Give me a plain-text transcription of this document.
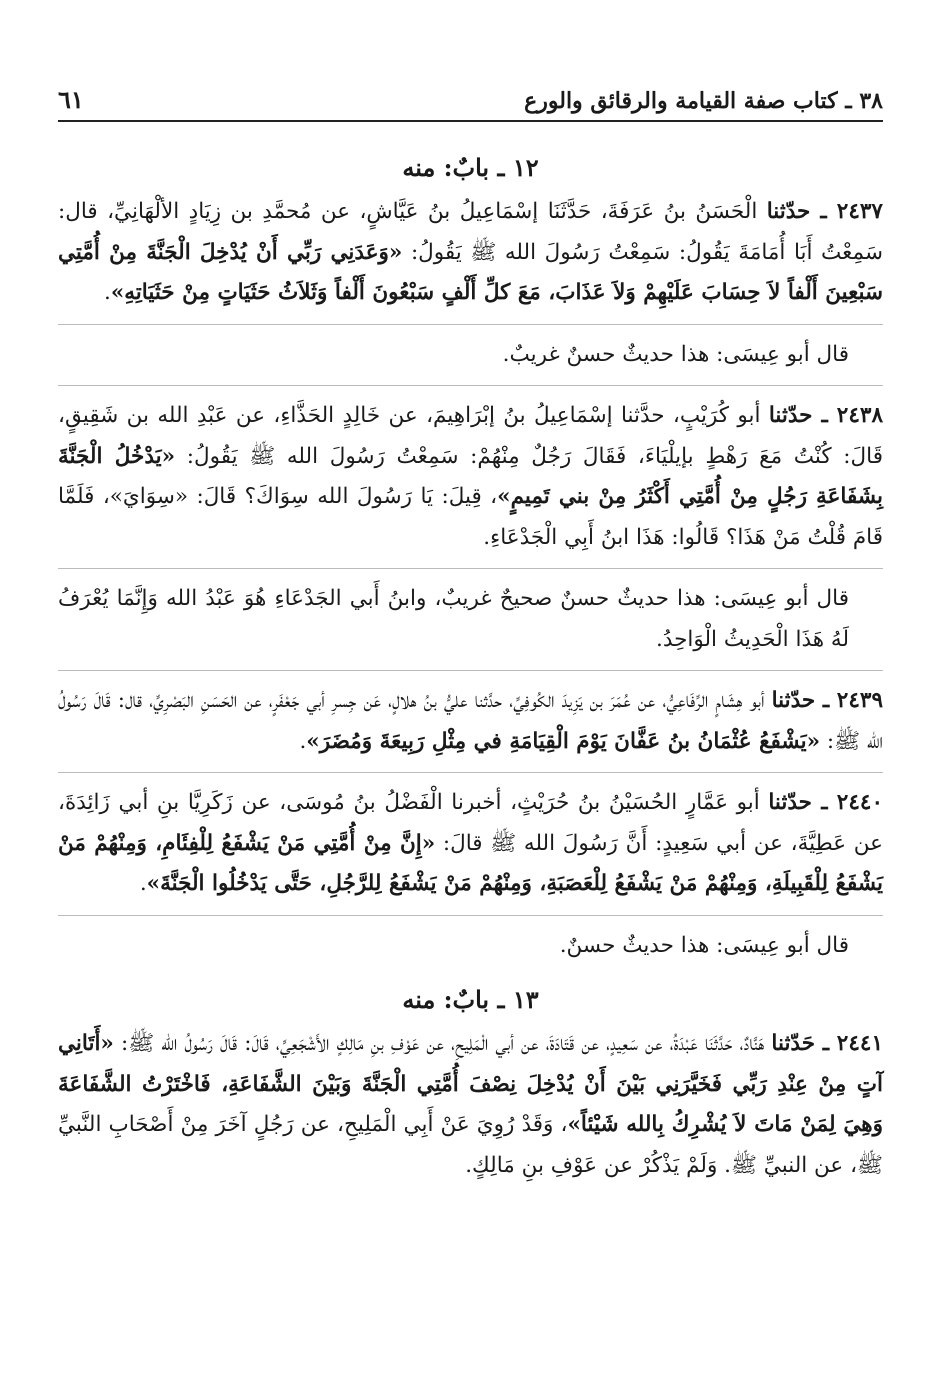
٣٨ ـ كتاب صفة القيامة والرقائق والورع
٦١
١٢ ـ بابٌ: منه

٢٤٣٧ ـ حدّثنا الْحَسَنُ بنُ عَرَفَةَ، حَدَّثَنَا إسْمَاعِيلُ بنُ عَيَّاشٍ، عن مُحمَّدِ بن زِيَادٍ الألْهَانِيِّ، قال: سَمِعْتُ أَبَا أُمَامَةَ يَقُولُ: سَمِعْتُ رَسُولَ الله ﷺ يَقُولُ: «وَعَدَنِي رَبِّي أَنْ يُدْخِلَ الْجَنَّةَ مِنْ أُمَّتِي سَبْعِينَ أَلْفاً لاَ حِسَابَ عَلَيْهِمْ وَلاَ عَذَابَ، مَعَ كلِّ أَلْفٍ سَبْعُونَ أَلْفاً وَثَلاَثُ حَثَيَاتٍ مِنْ حَثَيَاتِهِ».

قال أبو عِيسَى: هذا حديثٌ حسنٌ غريبٌ.

٢٤٣٨ ـ حدّثنا أبو كُرَيْبٍ، حدَّثنا إسْمَاعِيلُ بنُ إبْرَاهِيمَ، عن خَالِدٍ الحَذَّاءِ، عن عَبْدِ الله بن شَقِيقٍ، قَالَ: كُنْتُ مَعَ رَهْطٍ بإيلْيَاءَ، فَقَالَ رَجُلٌ مِنْهُمْ: سَمِعْتُ رَسُولَ الله ﷺ يَقُولُ: «يَدْخُلُ الْجَنَّةَ بِشَفَاعَةِ رَجُلٍ مِنْ أُمَّتِي أَكْثَرُ مِنْ بني تَمِيمٍ»، قِيلَ: يَا رَسُولَ الله سِوَاكَ؟ قَالَ: «سِوَايَ»، فَلَمَّا قَامَ قُلْتُ مَنْ هَذَا؟ قَالُوا: هَذَا ابنُ أَبِي الْجَدْعَاءِ.

قال أبو عِيسَى: هذا حديثٌ حسنٌ صحيحٌ غريبٌ، وابنُ أَبي الجَدْعَاءِ هُوَ عَبْدُ الله وَإِنَّمَا يُعْرَفُ لَهُ هَذَا الْحَدِيثُ الْوَاحِدُ.

٢٤٣٩ ـ حدّثنا أبو هِشَامٍ الرِّفَاعِيُّ، عن عُمَرَ بن يَزِيدَ الكُوفِيِّ، حدَّثنا عليُّ بنُ هلالٍ، عَن جِسرِ أبي جَعْفَرٍ، عن الحَسَنِ البَصْرِيِّ، قال: قَالَ رَسُولُ الله ﷺ: «يَشْفَعُ عُثْمَانُ بنُ عَفَّانَ يَوْمَ الْقِيَامَةِ في مِثْلِ رَبِيعَةَ وَمُضَرَ».

٢٤٤٠ ـ حدّثنا أبو عَمَّارٍ الحُسَيْنُ بنُ حُرَيْثٍ، أخبرنا الْفَضْلُ بنُ مُوسَى، عن زَكَرِيَّا بنِ أبي زَائِدَةَ، عن عَطِيَّةَ، عن أبي سَعِيدٍ: أَنَّ رَسُولَ الله ﷺ قالَ: «إِنَّ مِنْ أُمَّتِي مَنْ يَشْفَعُ لِلْفِئَامِ، وَمِنْهُمْ مَنْ يَشْفَعُ لِلْقَبِيلَةِ، وَمِنْهُمْ مَنْ يَشْفَعُ لِلْعَصَبَةِ، وَمِنْهُمْ مَنْ يَشْفَعُ لِلرَّجُلِ، حَتَّى يَدْخُلُوا الْجَنَّةَ».

قال أبو عِيسَى: هذا حديثٌ حسنٌ.
١٣ ـ بابٌ: منه

٢٤٤١ ـ حَدّثنا هَنَّادٌ، حَدَّثَنَا عَبْدَةُ، عن سَعِيدٍ، عن قَتَادَةَ، عن أبي الْمَلِيحِ، عن عَوْفِ بنِ مَالِكٍ الأَشْجَعِيِّ، قَالَ: قَالَ رَسُولُ الله ﷺ: «أَتَانِي آتٍ مِنْ عِنْدِ رَبِّي فَخَيَّرَنِي بَيْنَ أَنْ يُدْخِلَ نِصْفَ أُمَّتِي الْجَنَّةَ وَبَيْنَ الشَّفَاعَةِ، فَاخْتَرْتُ الشَّفَاعَةَ وَهِيَ لِمَنْ مَاتَ لاَ يُشْرِكُ بِالله شَيْئاً»، وَقَدْ رُوِيَ عَنْ أَبِي الْمَلِيحِ، عن رَجُلٍ آخَرَ مِنْ أَصْحَابِ النَّبيِّ ﷺ، عن النبيِّ ﷺ. وَلَمْ يَذْكُرْ عن عَوْفِ بنِ مَالِكٍ.
